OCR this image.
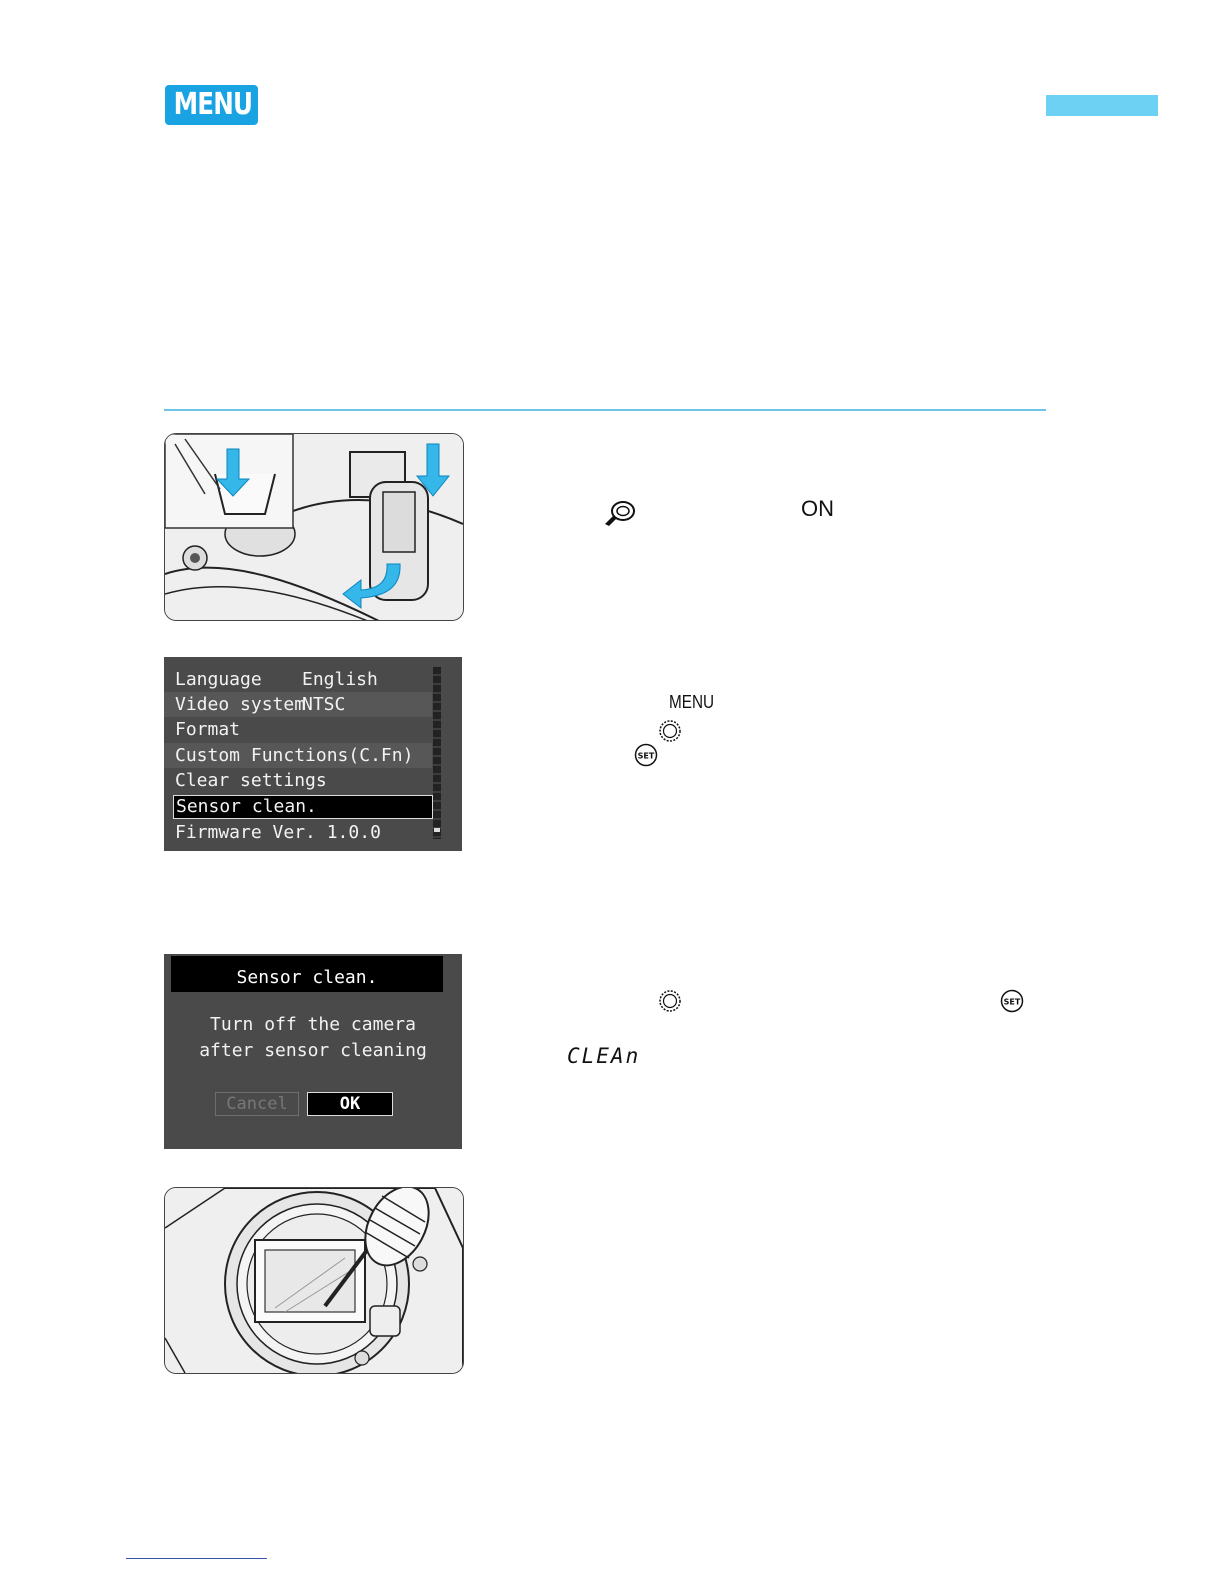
MENU
ON
Language English
Video system
NTSC
Format
Custom Functions(C.Fn)
Clear settings
Sensor clean.
Firmware Ver. 1.0.0
MENU
SET
Sensor clean.
Turn off the camera
after sensor cleaning
Cancel	OK
SET
CLEAn
